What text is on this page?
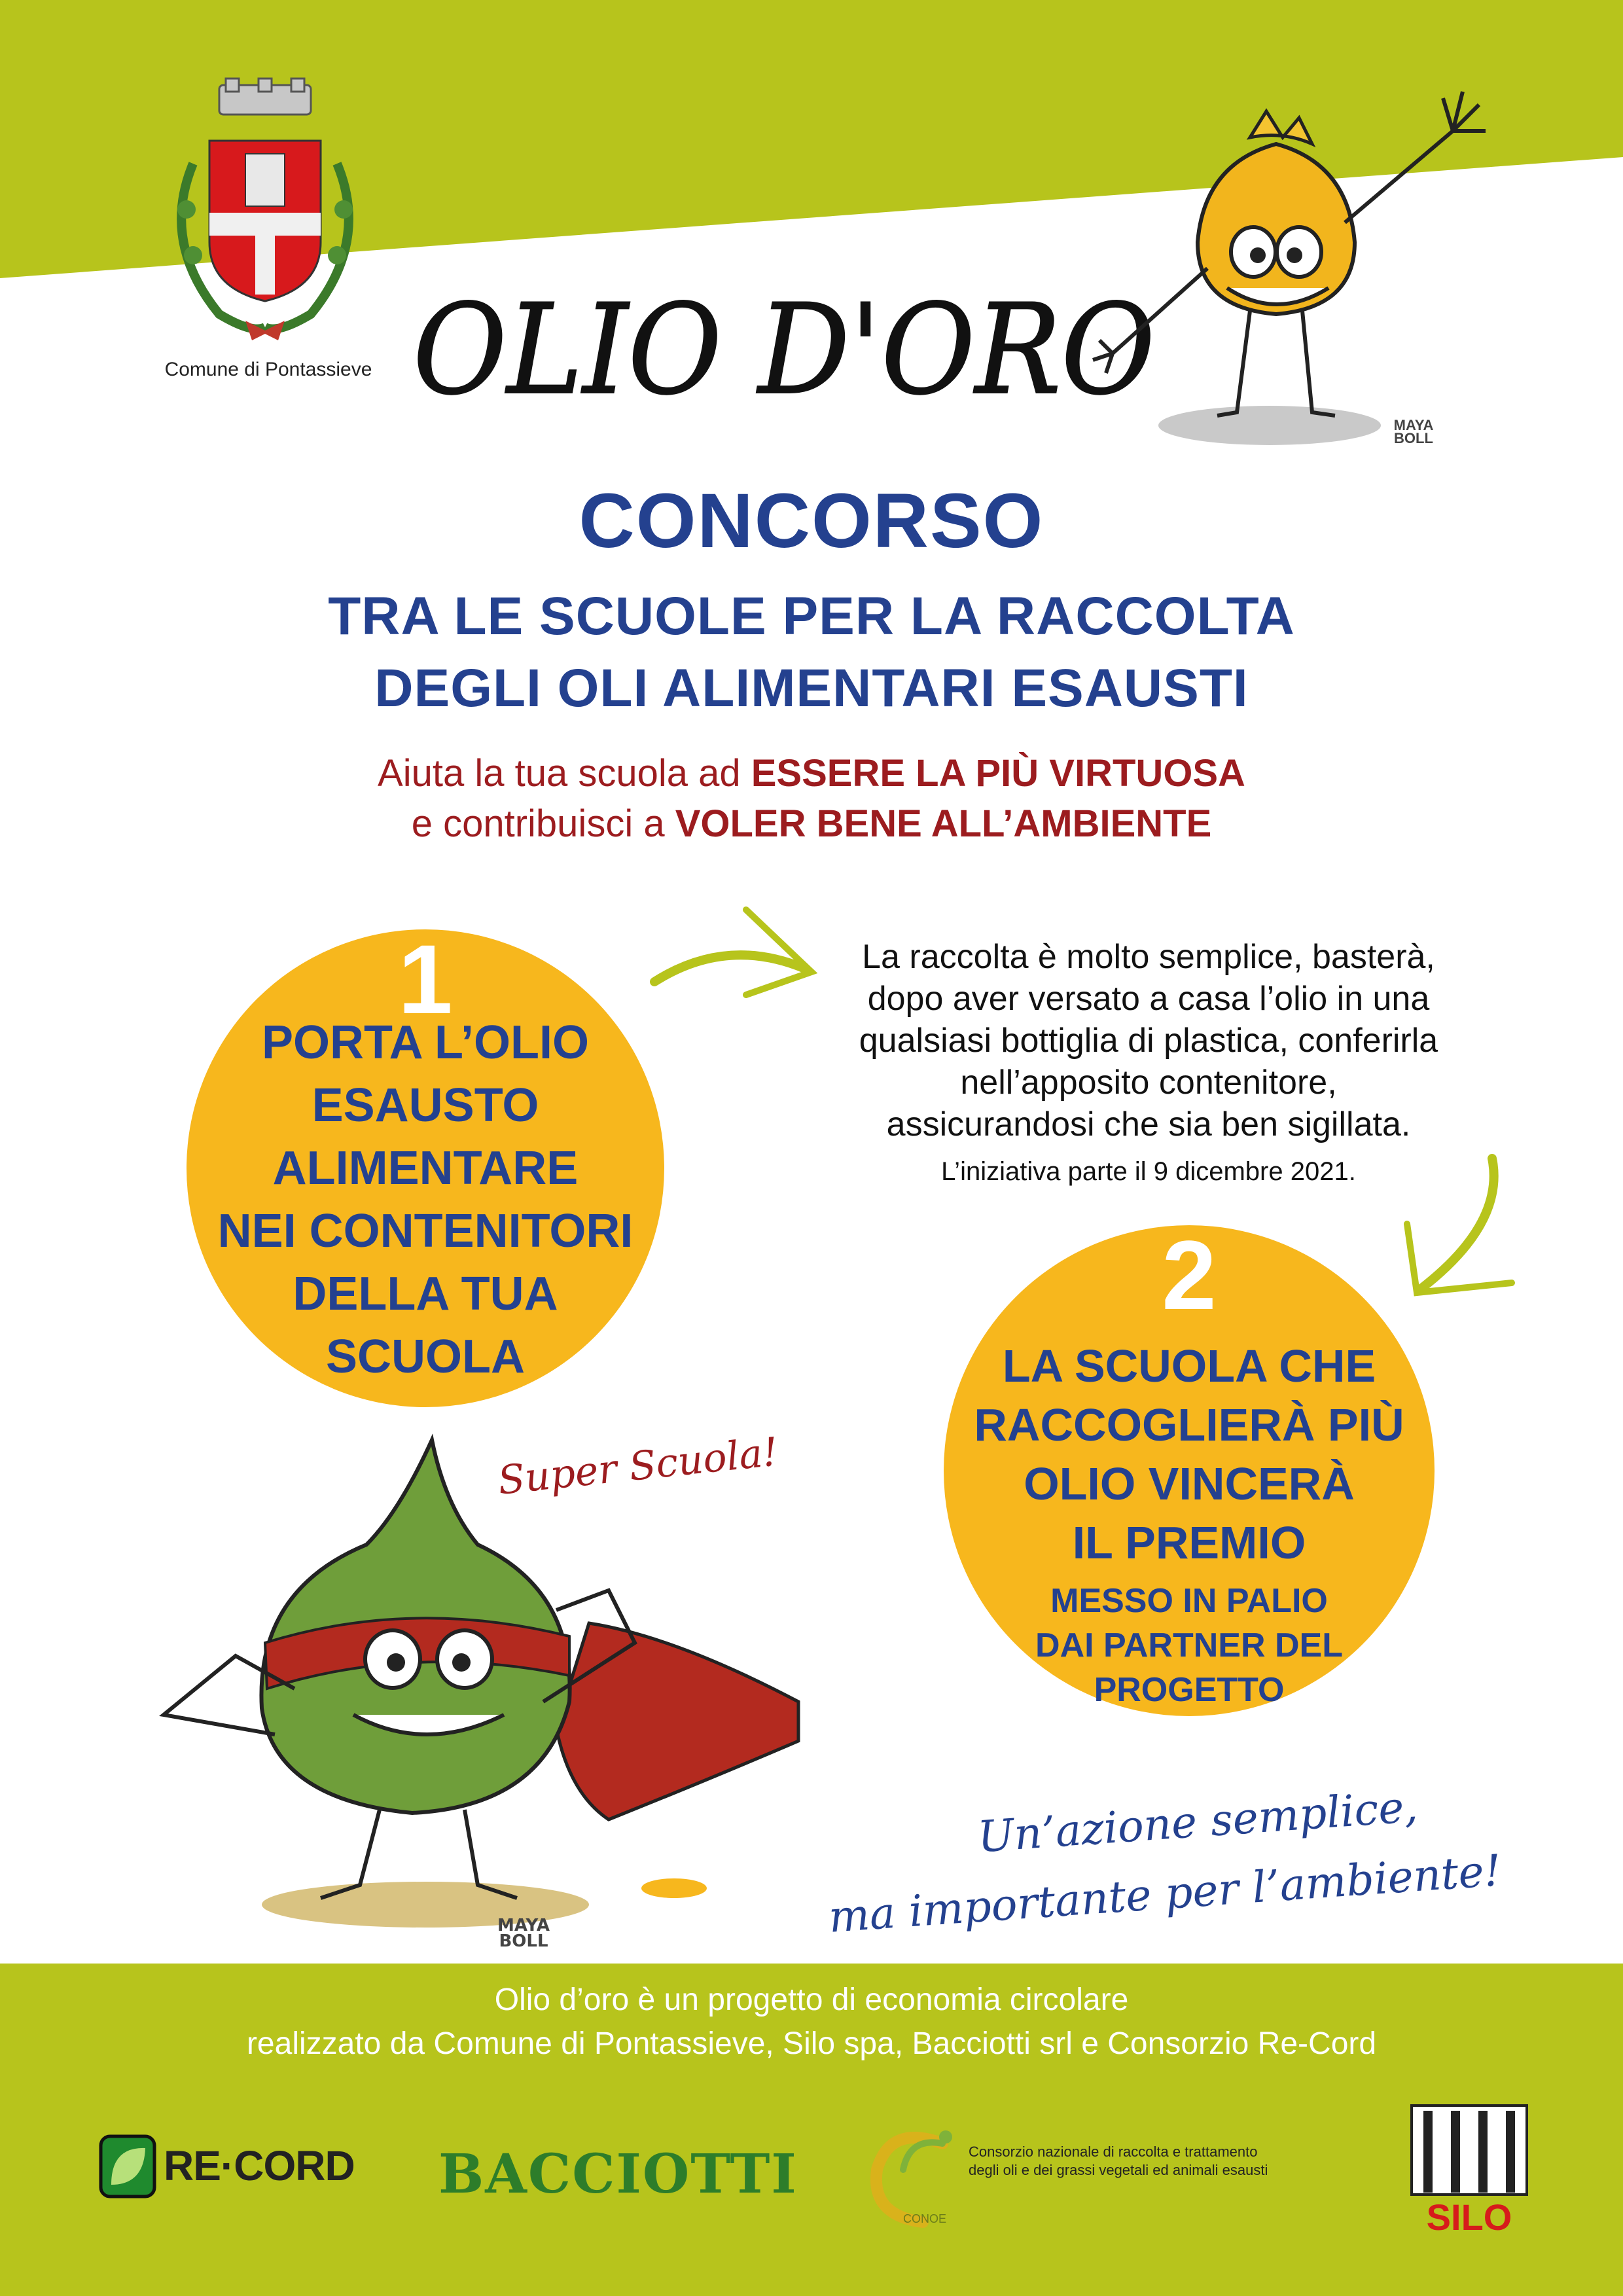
Comune di Pontassieve OLIO D'ORO
MAYA BOLL
CONCORSO
TRA LE SCUOLE PER LA RACCOLTA
DEGLI OLI ALIMENTARI ESAUSTI
Aiuta la tua scuola ad ESSERE LA PIÙ VIRTUOSA
e contribuisci a VOLER BENE ALL’AMBIENTE
1
PORTA L’OLIO
ESAUSTO
ALIMENTARE
NEI CONTENITORI
DELLA TUA
SCUOLA
La raccolta è molto semplice, basterà,
dopo aver versato a casa l’olio in una
qualsiasi bottiglia di plastica, conferirla
nell’apposito contenitore,
assicurandosi che sia ben sigillata.
L’iniziativa parte il 9 dicembre 2021.
2
LA SCUOLA CHE
RACCOGLIERÀ PIÙ
OLIO VINCERÀ
IL PREMIO
MESSO IN PALIO
DAI PARTNER DEL
PROGETTO
Super Scuola!
MAYA BOLL
Un’azione semplice,
ma importante per l’ambiente!
Olio d’oro è un progetto di economia circolare
realizzato da Comune di Pontassieve, Silo spa, Bacciotti srl e Consorzio Re-Cord
RE·CORD BACCIOTTI	Consorzio nazionale di raccolta e trattamento
degli oli e dei grassi vegetali ed animali esausti
CONOE	SILO
